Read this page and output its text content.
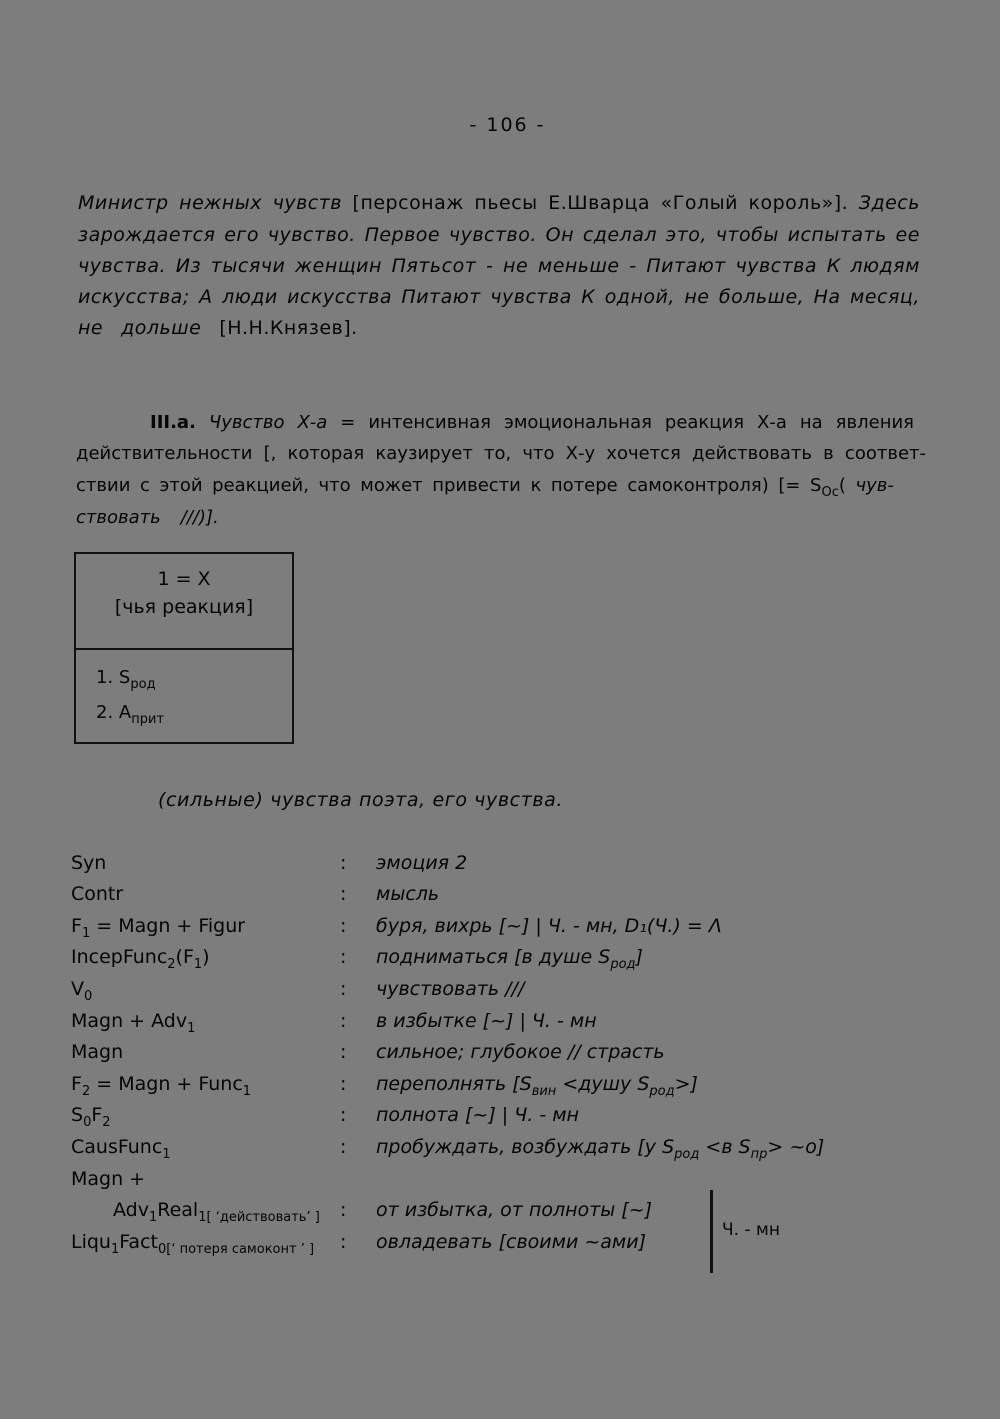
- 106 -
Министр нежных чувств [персонаж пьесы Е.Шварца «Голый король»]. Здесь
зарождается его чувство. Первое чувство. Он сделал это, чтобы испытать ее
чувства. Из тысячи женщин Пятьсот - не меньше - Питают чувства К людям
искусства; А люди искусства Питают чувства К одной, не больше, На месяц,
не дольше [Н.Н.Князев].
III.а. Чувство Х-а = интенсивная эмоциональная реакция Х-а на явления
действительности [, которая каузирует то, что Х-у хочется действовать в соответ-
ствии с этой реакцией, что может привести к потере самоконтроля) [= $S_{Oc}$( чув-
ствовать ///)].
1 = X
[чья реакция]
1. $S_{род}$
2. $A_{прит}$
(сильные) чувства поэта, его чувства.
Syn	: эмоция 2
Contr	: мысль
$F_1$ = Magn + Figur	: буря, вихрь [~] | Ч. - мн, D₁(Ч.) = Λ
$IncepFunc_2(F_1)$	: подниматься [в душе $S_{род}$]
$V_0$	: чувствовать ///
Magn + Adv$_1$	: в избытке [~] | Ч. - мн
Magn	: сильное; глубокое // страсть
$F_2$ = Magn + Func$_1$	: переполнять [$S_{вин}$ <душу $S_{род}>$]
$S_0F_2$	: полнота [~] | Ч. - мн
CausFunc$_1$	: пробуждать, возбуждать [у $S_{род} <в$ $S_{пр}>$ ~о]
Magn +
Adv$_1$Real$_{1[ ‘действовать’ ]}$ : от избытка, от полноты [~]
Liqu$_1$Fact$_{0[‘ потеря самоконт ’ ]}$ : овладевать [своими ~ами]
Ч. - мн
